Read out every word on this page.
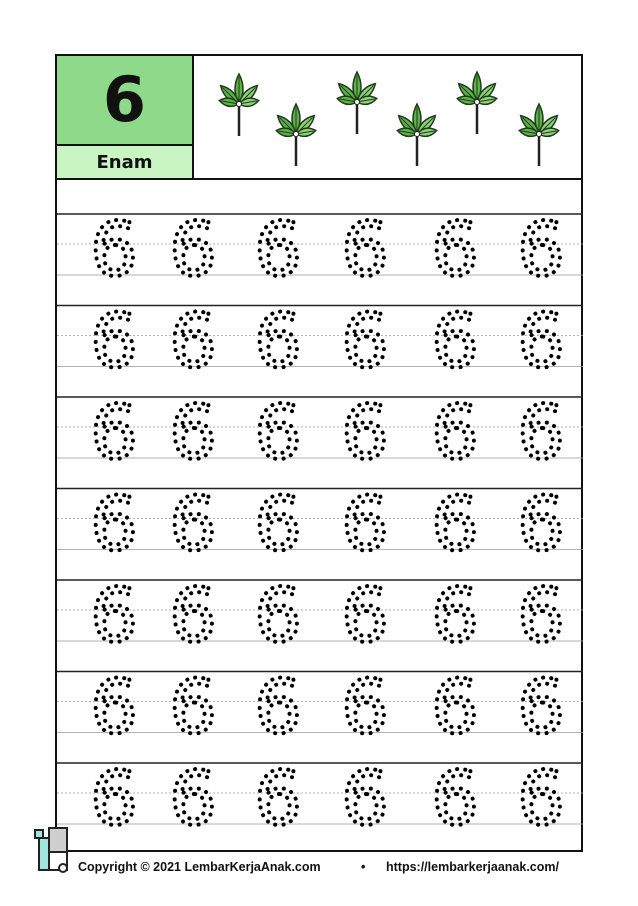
6
Enam
6 6 6 6 6 6
6 6 6 6 6 6
6 6 6 6 6 6
6 6 6 6 6 6
6 6 6 6 6 6
6 6 6 6 6 6
6 6 6 6 6 6
Copyright © 2021 LembarKerjaAnak.com	• https://lembarkerjaanak.com/
